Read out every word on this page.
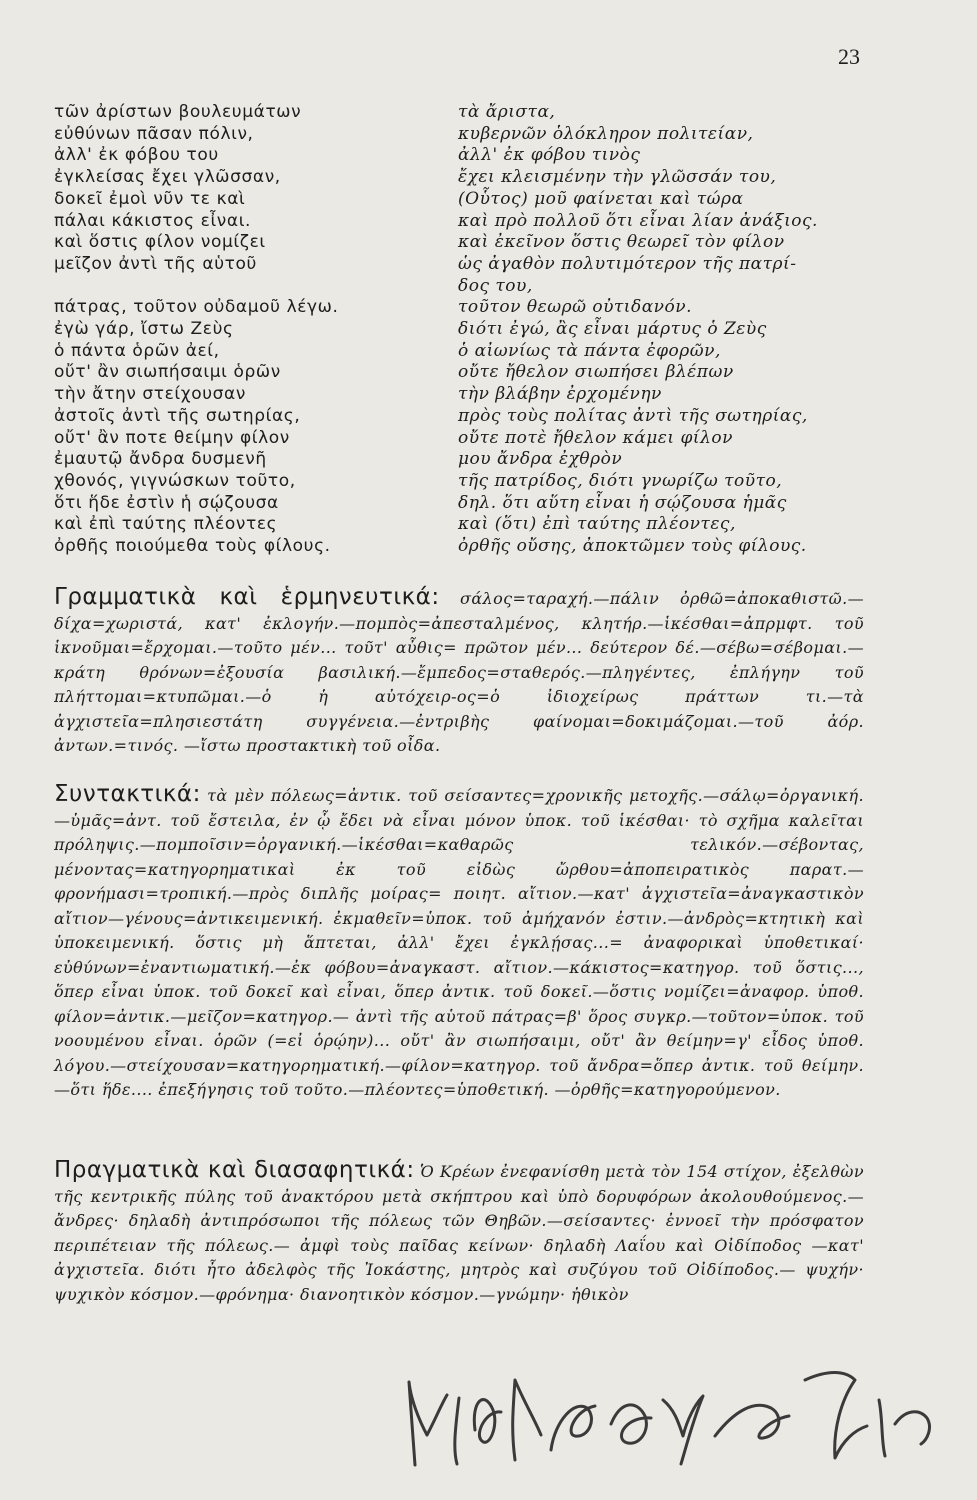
23
τῶν ἀρίστων βουλευμάτων
εὐθύνων πᾶσαν πόλιν,
ἀλλ' ἐκ φόβου του
ἐγκλείσας ἔχει γλῶσσαν,
δοκεῖ ἐμοὶ νῦν τε καὶ
πάλαι κάκιστος εἶναι.
καὶ ὅστις φίλον νομίζει
μεῖζον ἀντὶ τῆς αὑτοῦ
πάτρας, τοῦτον οὐδαμοῦ λέγω.
ἐγὼ γάρ, ἴστω Ζεὺς
ὁ πάντα ὁρῶν ἀεί,
οὔτ' ἂν σιωπήσαιμι ὁρῶν
τὴν ἄτην στείχουσαν
ἀστοῖς ἀντὶ τῆς σωτηρίας,
οὔτ' ἂν ποτε θείμην φίλον
ἐμαυτῷ ἄνδρα δυσμενῆ
χθονός, γιγνώσκων τοῦτο,
ὅτι ἥδε ἐστὶν ἡ σῴζουσα
καὶ ἐπὶ ταύτης πλέοντες
ὀρθῆς ποιούμεθα τοὺς φίλους.
τὰ ἄριστα,
κυβερνῶν ὁλόκληρον πολιτείαν,
ἀλλ' ἐκ φόβου τινὸς
ἔχει κλεισμένην τὴν γλῶσσάν του,
(Οὗτος) μοῦ φαίνεται καὶ τώρα
καὶ πρὸ πολλοῦ ὅτι εἶναι λίαν ἀνάξιος.
καὶ ἐκεῖνον ὅστις θεωρεῖ τὸν φίλον
ὡς ἀγαθὸν πολυτιμότερον τῆς πατρί-
δος του,
τοῦτον θεωρῶ οὐτιδανόν.
διότι ἐγώ, ἂς εἶναι μάρτυς ὁ Ζεὺς
ὁ αἰωνίως τὰ πάντα ἐφορῶν,
οὔτε ἤθελον σιωπήσει βλέπων
τὴν βλάβην ἐρχομένην
πρὸς τοὺς πολίτας ἀντὶ τῆς σωτηρίας,
οὔτε ποτὲ ἤθελον κάμει φίλον
μου ἄνδρα ἐχθρὸν
τῆς πατρίδος, διότι γνωρίζω τοῦτο,
δηλ. ὅτι αὕτη εἶναι ἡ σῴζουσα ἡμᾶς
καὶ (ὅτι) ἐπὶ ταύτης πλέοντες,
ὀρθῆς οὔσης, ἀποκτῶμεν τοὺς φίλους.
Γραμματικὰ καὶ ἑρμηνευτικά: σάλος=ταραχή.—πάλιν ὀρθῶ=ἀποκαθιστῶ.—δίχα=χωριστά, κατ' ἐκλογήν.—πομπὸς=ἀπεσταλμένος, κλητήρ.—ἱκέσθαι=ἀπρμφτ. τοῦ ἱκνοῦμαι=ἔρχομαι.—τοῦτο μέν... τοῦτ' αὖθις= πρῶτον μέν... δεύτερον δέ.—σέβω=σέβομαι.—κράτη θρόνων=ἐξουσία βασιλική.—ἔμπεδος=σταθερός.—πληγέντες, ἐπλήγην τοῦ πλήττομαι=κτυπῶμαι.—ὁ ἡ αὐτόχειρ-ος=ὁ ἰδιοχείρως πράττων τι.—τὰ ἀγχιστεῖα=πλησιεστάτη συγγένεια.—ἐντριβὴς φαίνομαι=δοκιμάζομαι.—τοῦ ἀόρ. ἀντων.=τινός. —ἴστω προστακτικὴ τοῦ οἶδα.
Συντακτικά: τὰ μὲν πόλεως=ἀντικ. τοῦ σείσαντες=χρονικῆς μετοχῆς.—σάλῳ=ὀργανική.—ὑμᾶς=ἀντ. τοῦ ἔστειλα, ἐν ᾧ ἔδει νὰ εἶναι μόνον ὑποκ. τοῦ ἱκέσθαι· τὸ σχῆμα καλεῖται πρόληψις.—πομποῖσιν=ὀργανική.—ἱκέσθαι=καθαρῶς τελικόν.—σέβοντας, μένοντας=κατηγορηματικαὶ ἐκ τοῦ εἰδὼς ὤρθου=ἀποπειρατικὸς παρατ.—φρονήμασι=τροπική.—πρὸς διπλῆς μοίρας= ποιητ. αἴτιον.—κατ' ἀγχιστεῖα=ἀναγκαστικὸν αἴτιον—γένους=ἀντικειμενική. ἐκμαθεῖν=ὑποκ. τοῦ ἀμήχανόν ἐστιν.—ἀνδρὸς=κτητικὴ καὶ ὑποκειμενική. ὅστις μὴ ἅπτεται, ἀλλ' ἔχει ἐγκλῄσας...= ἀναφορικαὶ ὑποθετικαί· εὐθύνων=ἐναντιωματική.—ἐκ φόβου=ἀναγκαστ. αἴτιον.—κάκιστος=κατηγορ. τοῦ ὅστις..., ὅπερ εἶναι ὑποκ. τοῦ δοκεῖ καὶ εἶναι, ὅπερ ἀντικ. τοῦ δοκεῖ.—ὅστις νομίζει=ἀναφορ. ὑποθ. φίλον=ἀντικ.—μεῖζον=κατηγορ.— ἀντὶ τῆς αὑτοῦ πάτρας=β' ὅρος συγκρ.—τοῦτον=ὑποκ. τοῦ νοουμένου εἶναι. ὁρῶν (=εἰ ὁρῴην)... οὔτ' ἂν σιωπήσαιμι, οὔτ' ἂν θείμην=γ' εἶδος ὑποθ. λόγου.—στείχουσαν=κατηγορηματική.—φίλον=κατηγορ. τοῦ ἄνδρα=ὅπερ ἀντικ. τοῦ θείμην.—ὅτι ἥδε.... ἐπεξήγησις τοῦ τοῦτο.—πλέοντες=ὑποθετική. —ὀρθῆς=κατηγορούμενον.
Πραγματικὰ καὶ διασαφητικά: Ὁ Κρέων ἐνεφανίσθη μετὰ τὸν 154 στίχον, ἐξελθὼν τῆς κεντρικῆς πύλης τοῦ ἀνακτόρου μετὰ σκήπτρου καὶ ὑπὸ δορυφόρων ἀκολουθούμενος.—ἄνδρες· δηλαδὴ ἀντιπρόσωποι τῆς πόλεως τῶν Θηβῶν.—σείσαντες· ἐννοεῖ τὴν πρόσφατον περιπέτειαν τῆς πόλεως.— ἀμφὶ τοὺς παῖδας κείνων· δηλαδὴ Λαΐου καὶ Οἰδίποδος —κατ' ἀγχιστεῖα. διότι ἦτο ἀδελφὸς τῆς Ἰοκάστης, μητρὸς καὶ συζύγου τοῦ Οἰδίποδος.— ψυχήν· ψυχικὸν κόσμον.—φρόνημα· διανοητικὸν κόσμον.—γνώμην· ἠθικὸν
